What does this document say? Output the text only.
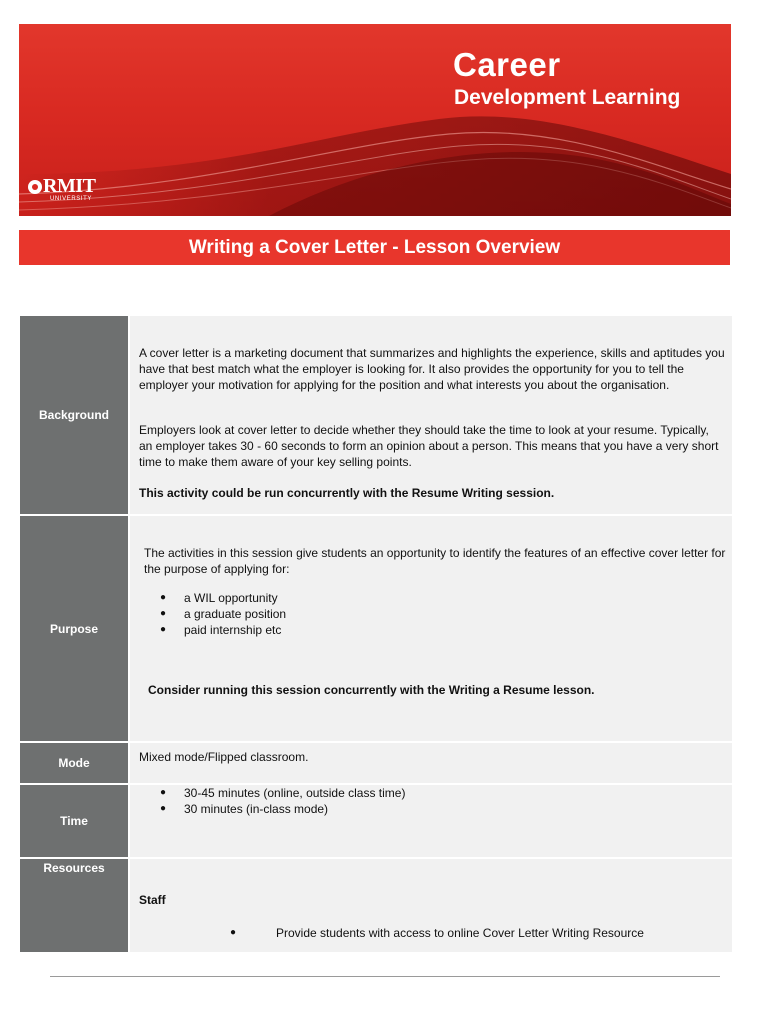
Career
Development Learning
RMIT
UNIVERSITY
Writing a Cover Letter - Lesson Overview
Background

A cover letter is a marketing document that summarizes and highlights the experience, skills and aptitudes you have that best match what the employer is looking for. It also provides the opportunity for you to tell the employer your motivation for applying for the position and what interests you about the organisation.

Employers look at cover letter to decide whether they should take the time to look at your resume. Typically, an employer takes 30 - 60 seconds to form an opinion about a person. This means that you have a very short time to make them aware of your key selling points.

This activity could be run concurrently with the Resume Writing session.

Purpose

The activities in this session give students an opportunity to identify the features of an effective cover letter for the purpose of applying for:

● a WIL opportunity
● a graduate position
● paid internship etc

Consider running this session concurrently with the Writing a Resume lesson.

Mode	Mixed mode/Flipped classroom.

Time
● 30-45 minutes (online, outside class time)
● 30 minutes (in-class mode)
Resources

Staff

● Provide students with access to online Cover Letter Writing Resource
